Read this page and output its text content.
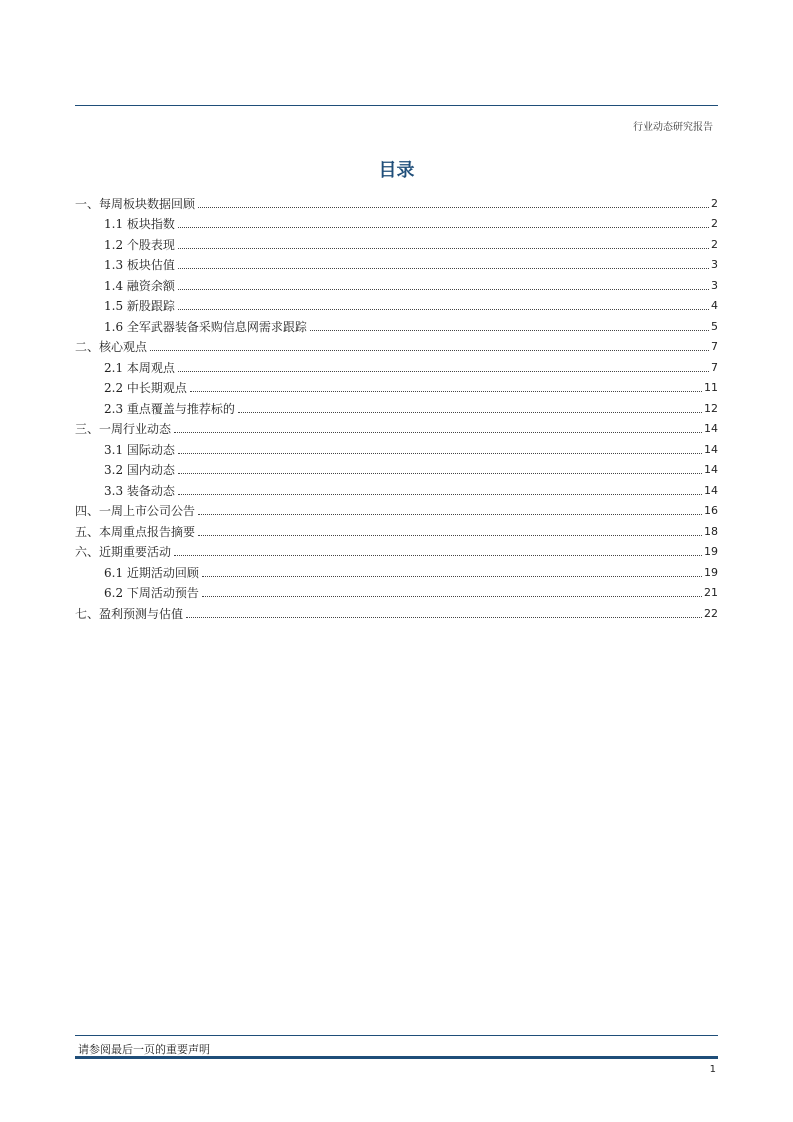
行业动态研究报告
目录
一、每周板块数据回顾	2
1.1 板块指数	2
1.2 个股表现	2
1.3 板块估值	3
1.4 融资余额	3
1.5 新股跟踪	4
1.6 全军武器装备采购信息网需求跟踪	5
二、核心观点	7
2.1 本周观点	7
2.2 中长期观点	11
2.3 重点覆盖与推荐标的	12
三、一周行业动态	14
3.1 国际动态	14
3.2 国内动态	14
3.3 装备动态	14
四、一周上市公司公告	16
五、本周重点报告摘要	18
六、近期重要活动	19
6.1 近期活动回顾	19
6.2 下周活动预告	21
七、盈利预测与估值	22
请参阅最后一页的重要声明
1
